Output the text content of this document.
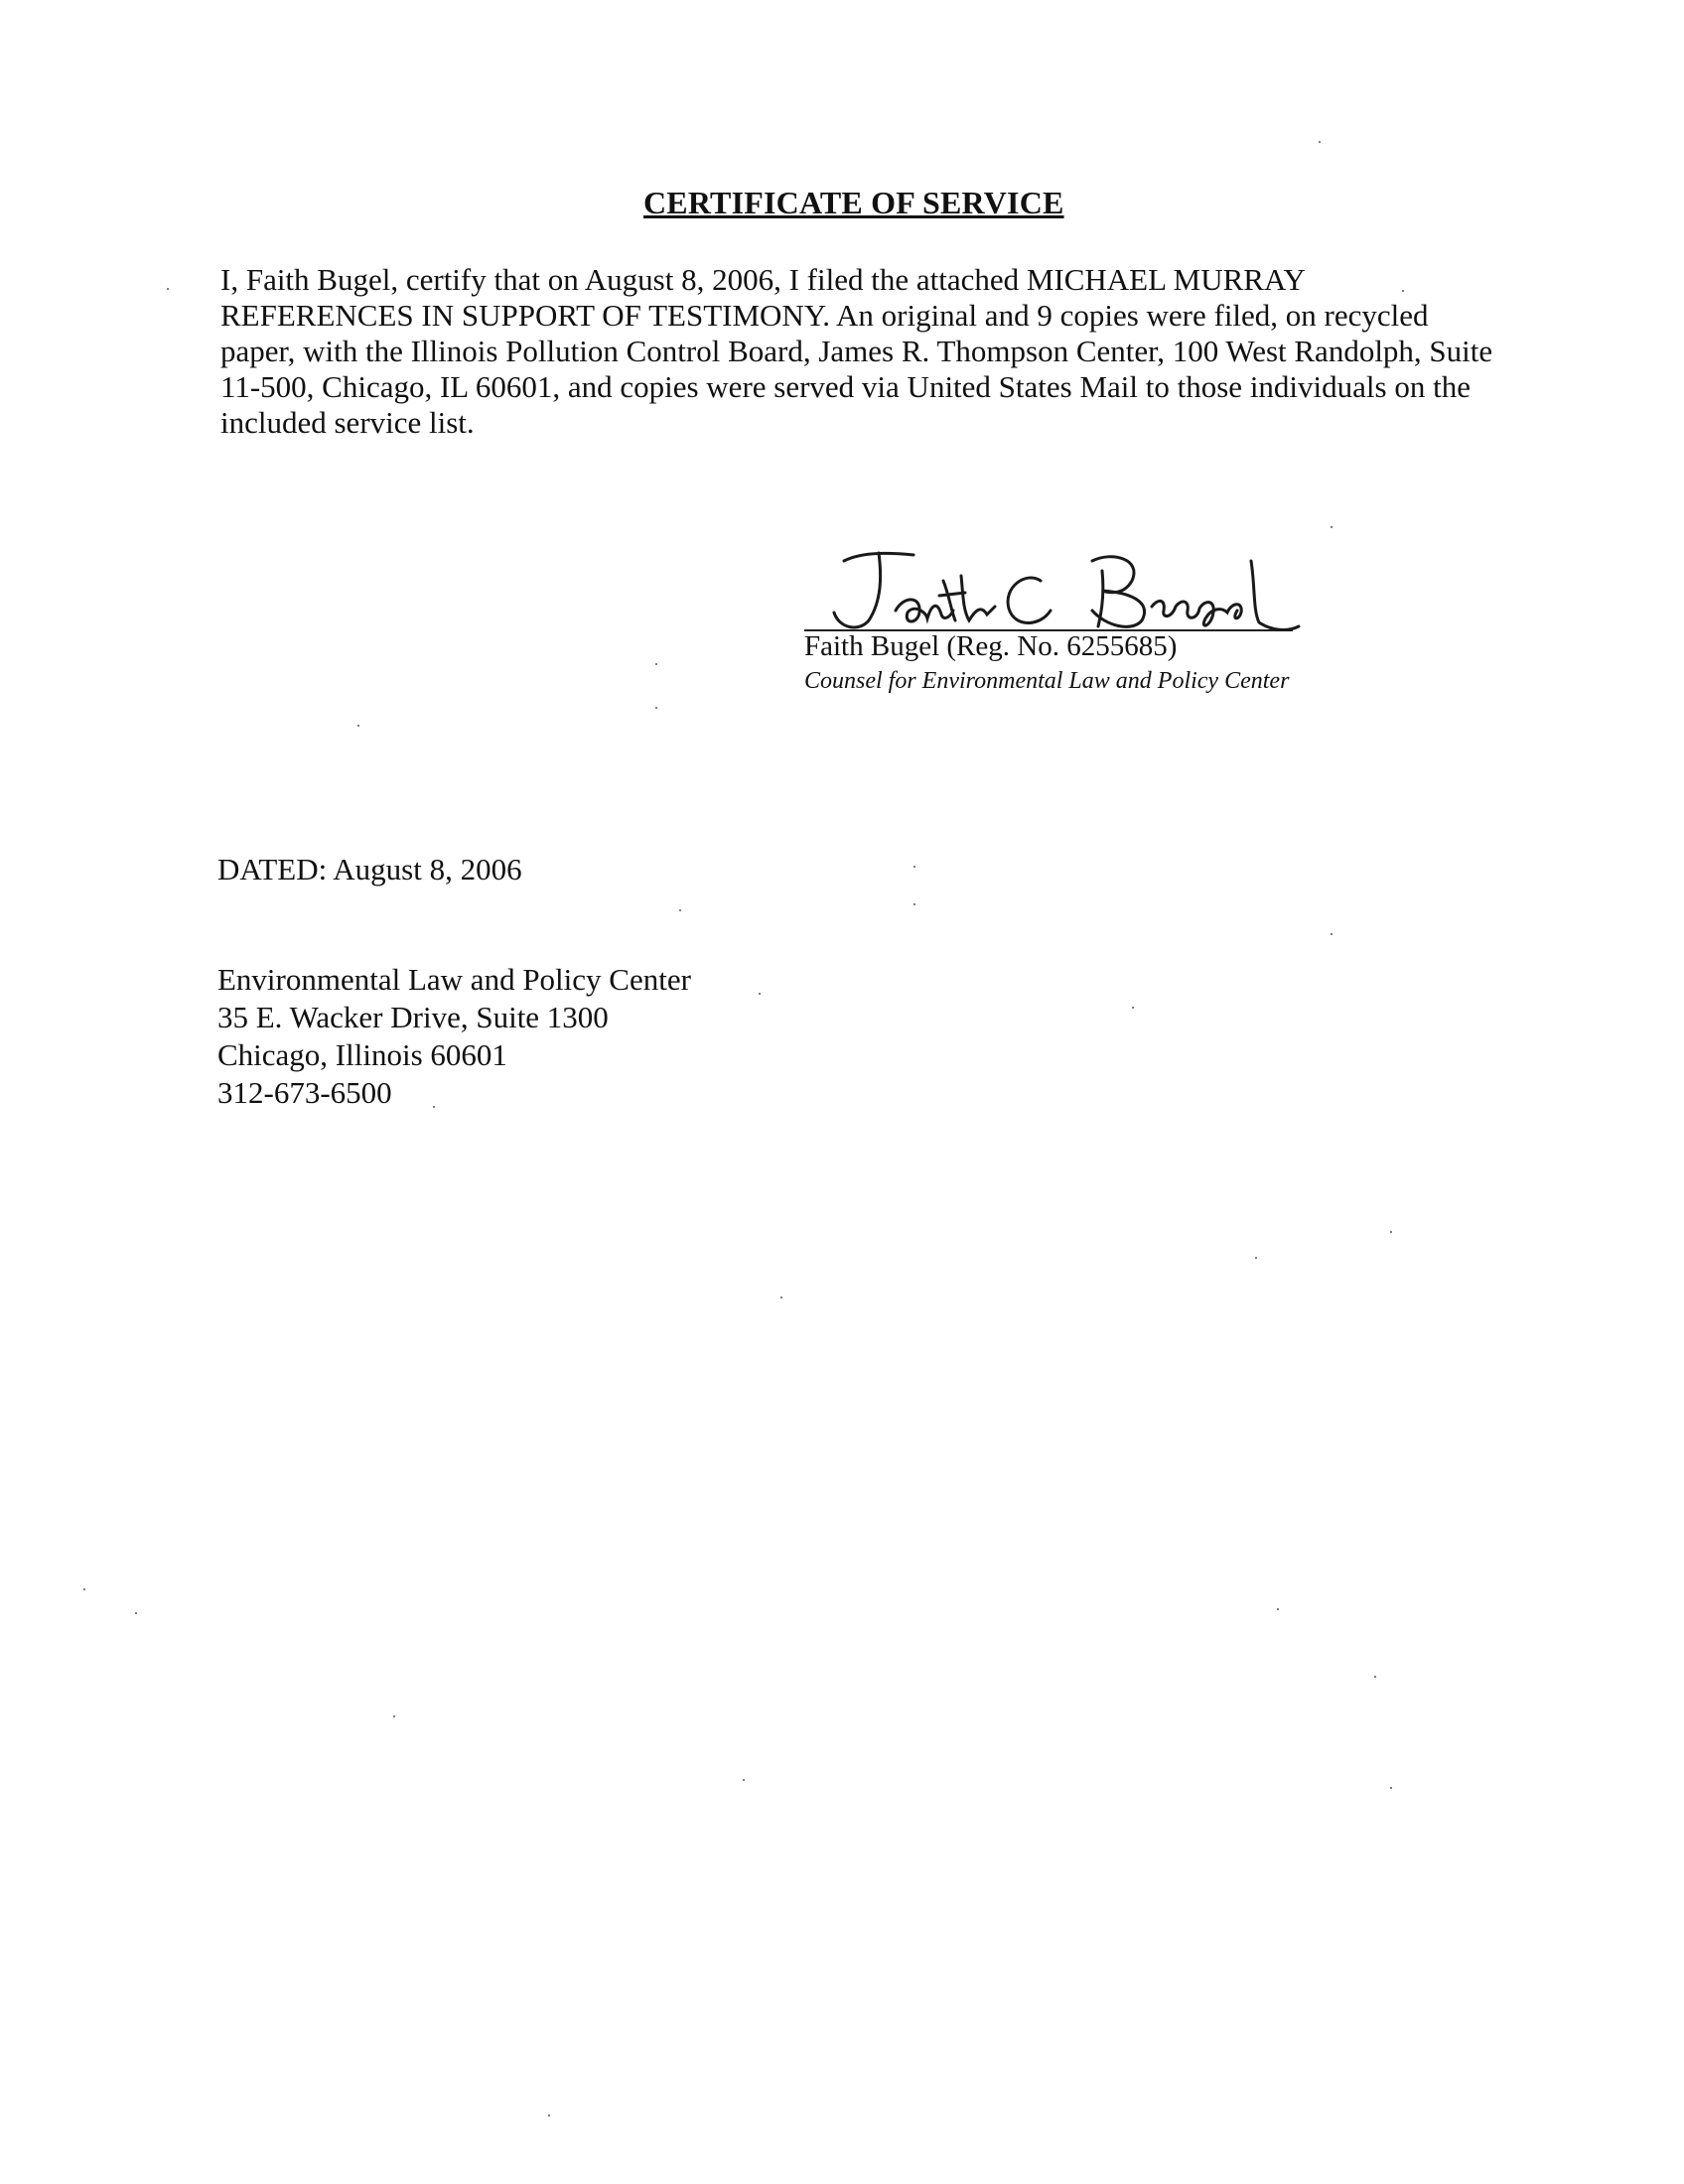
CERTIFICATE OF SERVICE
I, Faith Bugel, certify that on August 8, 2006, I filed the attached MICHAEL MURRAY REFERENCES IN SUPPORT OF TESTIMONY. An original and 9 copies were filed, on recycled paper, with the Illinois Pollution Control Board, James R. Thompson Center, 100 West Randolph, Suite 11-500, Chicago, IL 60601, and copies were served via United States Mail to those individuals on the included service list.
Faith Bugel (Reg. No. 6255685)
Counsel for Environmental Law and Policy Center
DATED: August 8, 2006
Environmental Law and Policy Center
35 E. Wacker Drive, Suite 1300
Chicago, Illinois 60601
312-673-6500
